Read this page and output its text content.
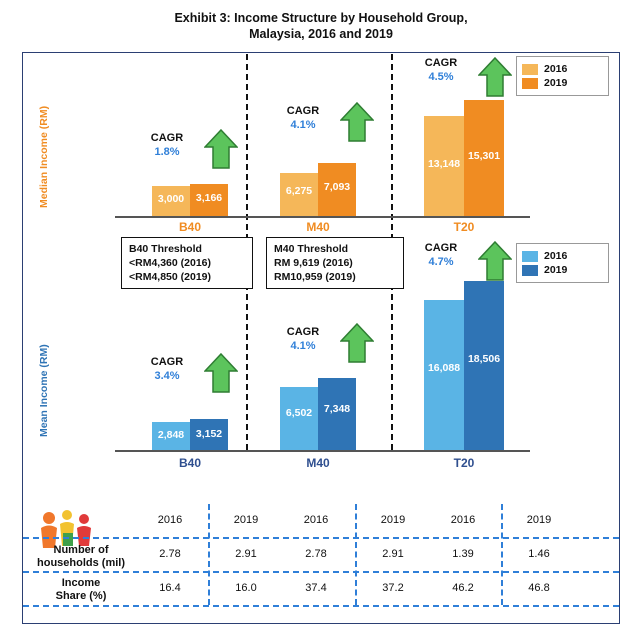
Exhibit 3: Income Structure by Household Group,
Malaysia, 2016 and 2019
Median Income (RM)
2016
2019
3,000	3,166
B40
CAGR
1.8%
6,275	7,093
M40
CAGR
4.1%
13,148
15,301
T20
CAGR
4.5%
B40 Threshold
<RM4,360 (2016)
<RM4,850 (2019)
M40 Threshold
RM 9,619 (2016)
RM10,959 (2019)
Mean Income (RM)
2016
2019
2,848	3,152
B40
CAGR
3.4%
6,502	7,348
M40
CAGR
4.1%
16,088
18,506
T20
CAGR
4.7%
2016	2019	2016	2019	2016	2019
Number of
households (mil)
2.78	2.91	2.78	2.91	1.39	1.46
Income
Share (%)
16.4	16.0	37.4	37.2	46.2	46.8
